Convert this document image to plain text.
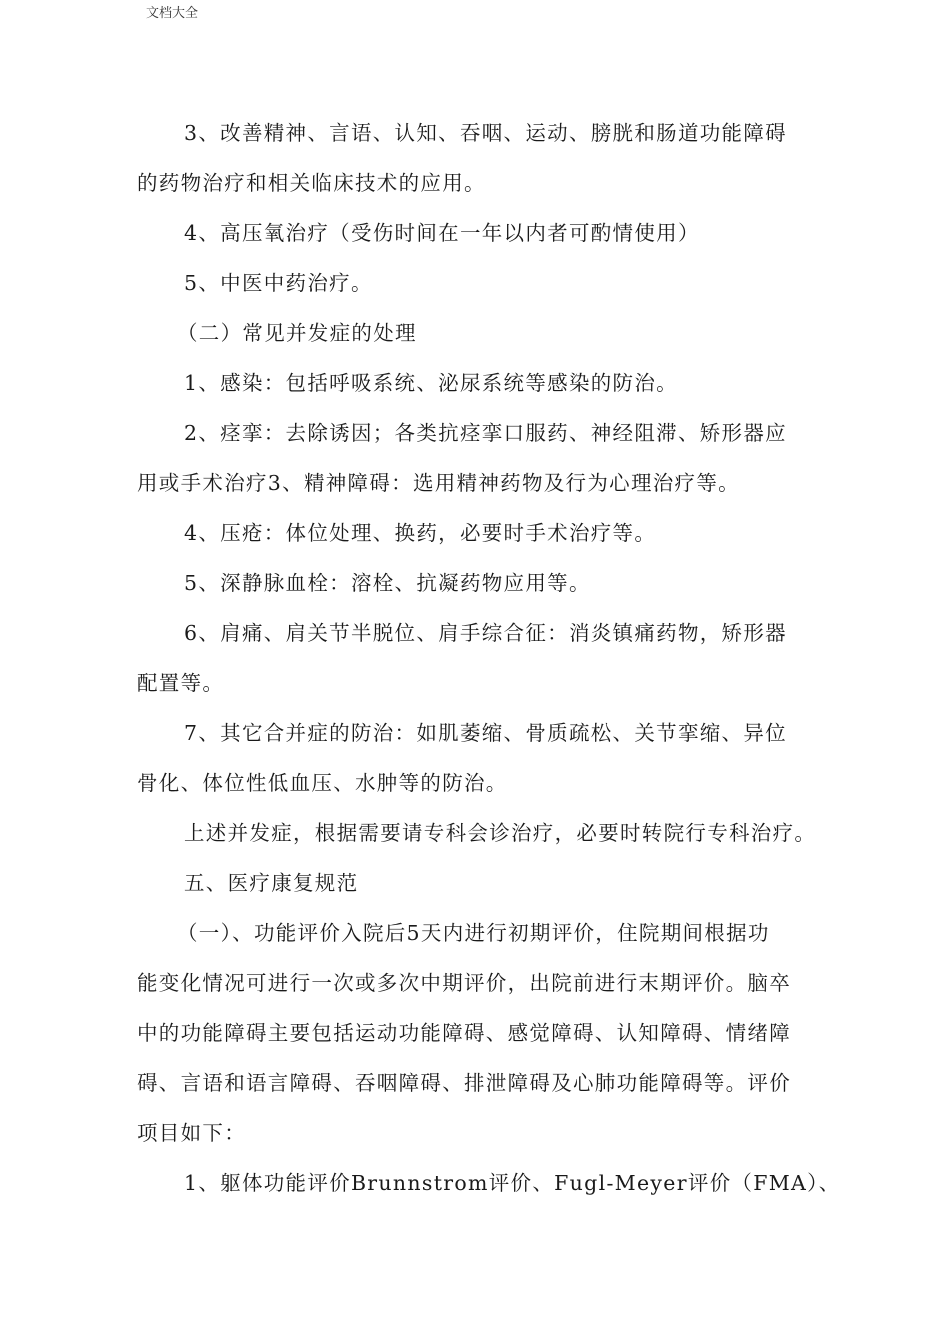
文档大全
3、改善精神、言语、认知、吞咽、运动、膀胱和肠道功能障碍
的药物治疗和相关临床技术的应用。
4、高压氧治疗（受伤时间在一年以内者可酌情使用）
5、中医中药治疗。
（二）常见并发症的处理
1、感染：包括呼吸系统、泌尿系统等感染的防治。
2、痉挛：去除诱因；各类抗痉挛口服药、神经阻滞、矫形器应
用或手术治疗3、精神障碍：选用精神药物及行为心理治疗等。
4、压疮：体位处理、换药，必要时手术治疗等。
5、深静脉血栓：溶栓、抗凝药物应用等。
6、肩痛、肩关节半脱位、肩手综合征：消炎镇痛药物，矫形器
配置等。
7、其它合并症的防治：如肌萎缩、骨质疏松、关节挛缩、异位
骨化、体位性低血压、水肿等的防治。
上述并发症，根据需要请专科会诊治疗，必要时转院行专科治疗。
五、医疗康复规范
（一）、功能评价入院后5天内进行初期评价，住院期间根据功
能变化情况可进行一次或多次中期评价，出院前进行末期评价。脑卒
中的功能障碍主要包括运动功能障碍、感觉障碍、认知障碍、情绪障
碍、言语和语言障碍、吞咽障碍、排泄障碍及心肺功能障碍等。评价
项目如下：
1、躯体功能评价Brunnstrom评价、Fugl-Meyer评价（FMA）、
